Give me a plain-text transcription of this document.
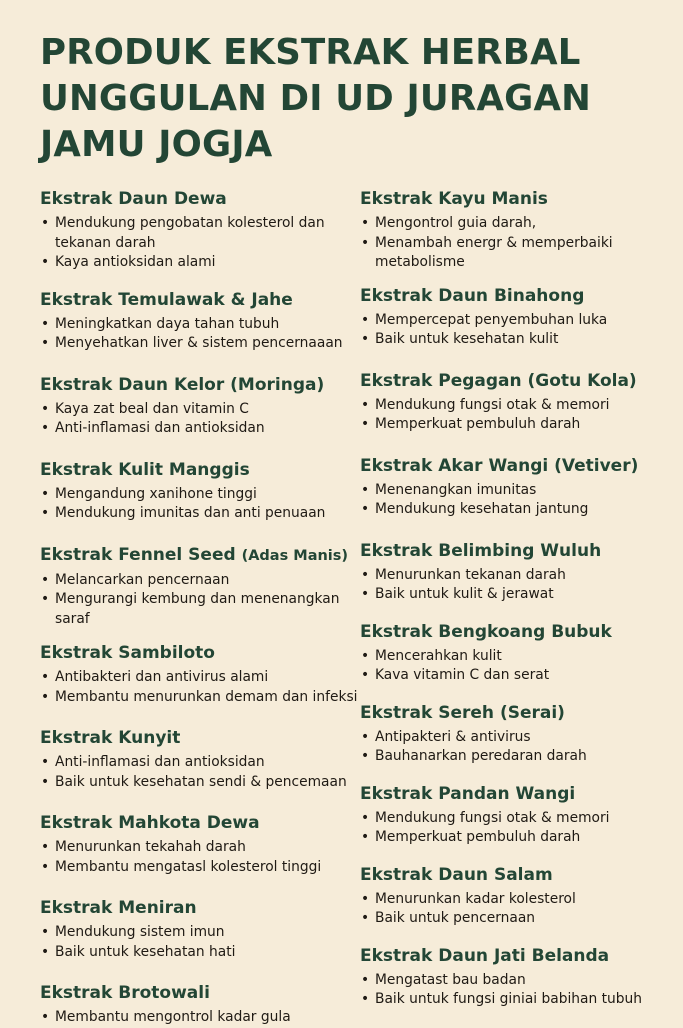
PRODUK EKSTRAK HERBAL UNGGULAN DI UD JURAGAN JAMU JOGJA
Ekstrak Daun Dewa
• Mendukung pengobatan kolesterol dan tekanan darah
• Kaya antioksidan alami
Ekstrak Temulawak & Jahe
• Meningkatkan daya tahan tubuh
• Menyehatkan liver & sistem pencernaaan
Ekstrak Daun Kelor (Moringa)
• Kaya zat beal dan vitamin C
• Anti-inflamasi dan antioksidan
Ekstrak Kulit Manggis
• Mengandung xanihone tinggi
• Mendukung imunitas dan anti penuaan
Ekstrak Fennel Seed (Adas Manis)
• Melancarkan pencernaan
• Mengurangi kembung dan menenangkan saraf
Ekstrak Sambiloto
• Antibakteri dan antivirus alami
• Membantu menurunkan demam dan infeksi
Ekstrak Kunyit
• Anti-inflamasi dan antioksidan
• Baik untuk kesehatan sendi & pencemaan
Ekstrak Mahkota Dewa
• Menurunkan tekahah darah
• Membantu mengatasl kolesterol tinggi
Ekstrak Meniran
• Mendukung sistem imun
• Baik untuk kesehatan hati
Ekstrak Brotowali
• Membantu mengontrol kadar gula
Ekstrak Kayu Manis
• Mengontrol guia darah,
• Menambah energr & memperbaiki metabolisme
Ekstrak Daun Binahong
• Mempercepat penyembuhan luka
• Baik untuk kesehatan kulit
Ekstrak Pegagan (Gotu Kola)
• Mendukung fungsi otak & memori
• Memperkuat pembuluh darah
Ekstrak Akar Wangi (Vetiver)
• Menenangkan imunitas
• Mendukung kesehatan jantung
Ekstrak Belimbing Wuluh
• Menurunkan tekanan darah
• Baik untuk kulit & jerawat
Ekstrak Bengkoang Bubuk
• Mencerahkan kulit
• Kava vitamin C dan serat
Ekstrak Sereh (Serai)
• Antipakteri & antivirus
• Bauhanarkan peredaran darah
Ekstrak Pandan Wangi
• Mendukung fungsi otak & memori
• Memperkuat pembuluh darah
Ekstrak Daun Salam
• Menurunkan kadar kolesterol
• Baik untuk pencernaan
Ekstrak Daun Jati Belanda
• Mengatast bau badan
• Baik untuk fungsi giniai babihan tubuh
